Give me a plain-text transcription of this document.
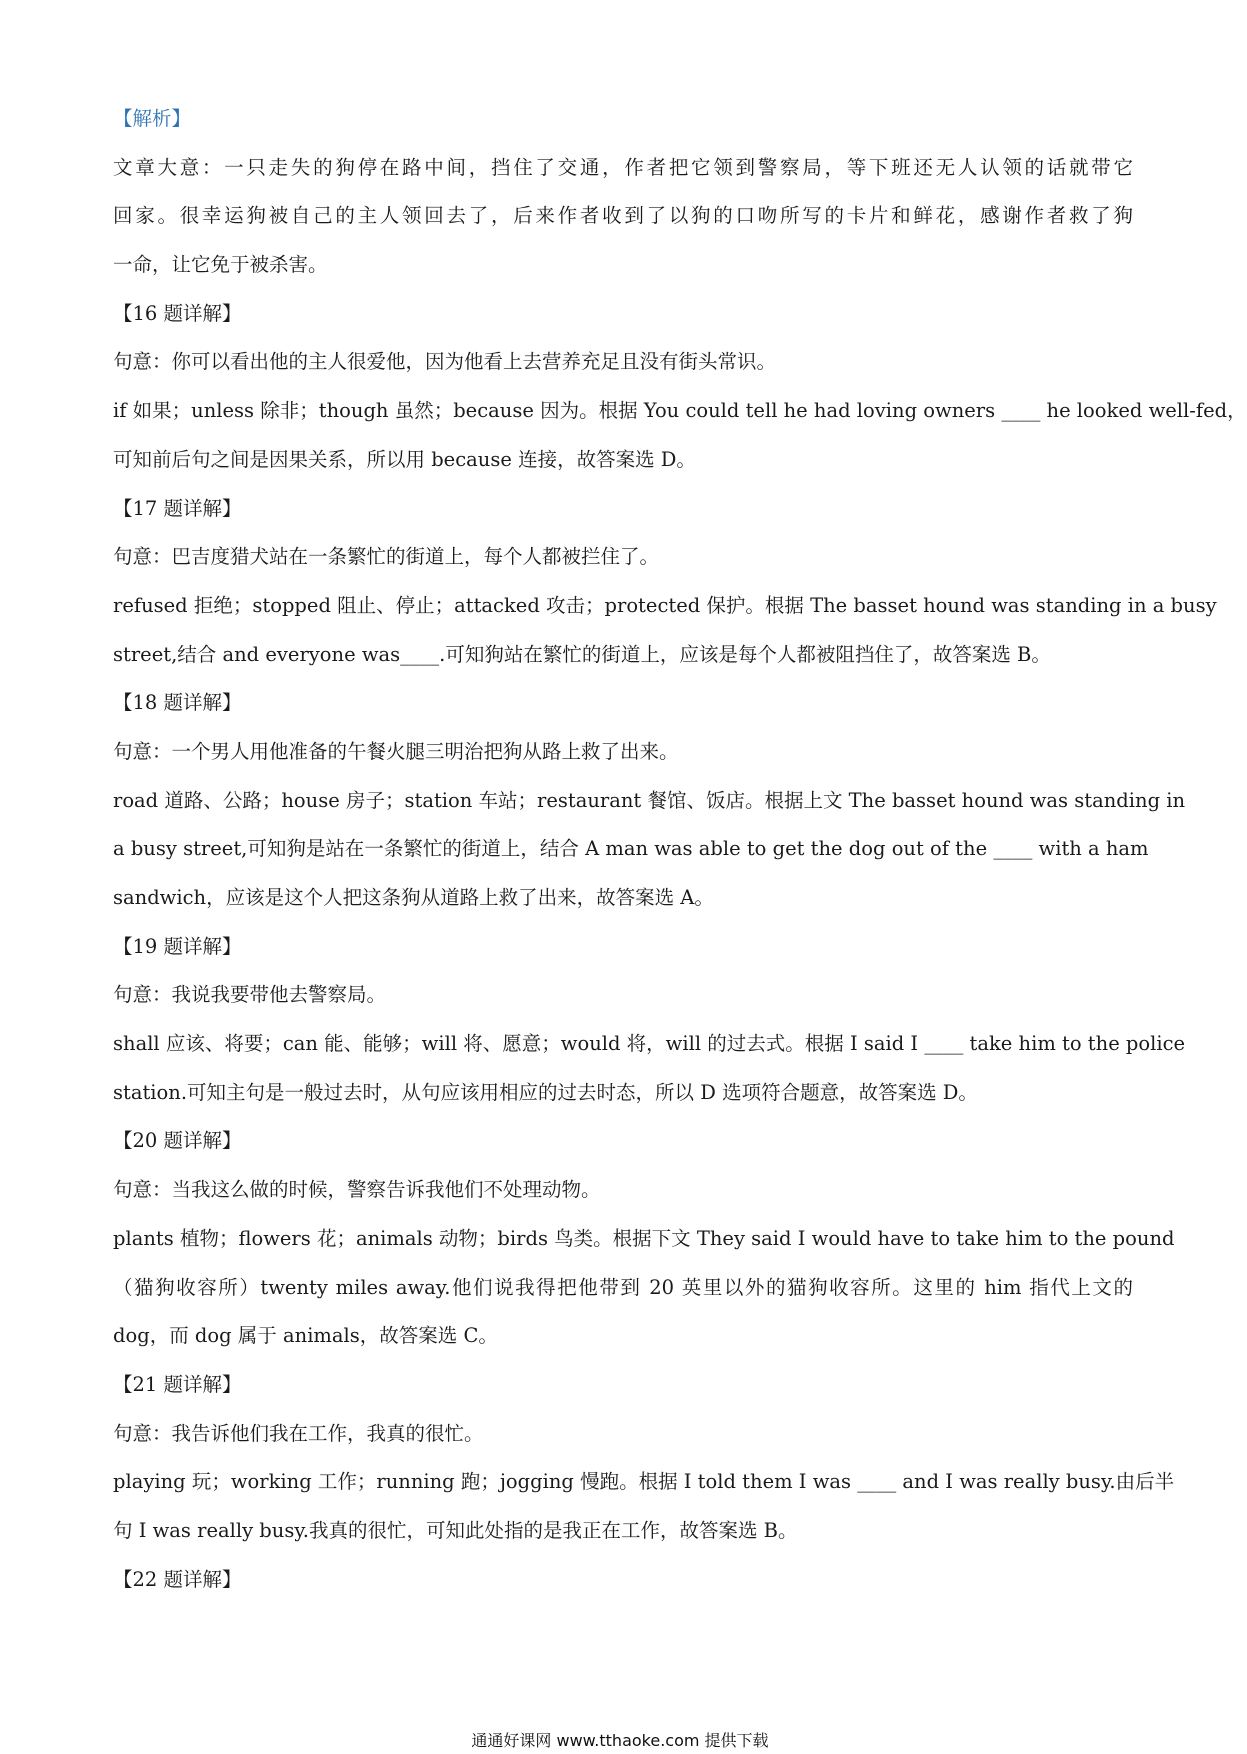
【解析】
文章大意：一只走失的狗停在路中间，挡住了交通，作者把它领到警察局，等下班还无人认领的话就带它
回家。很幸运狗被自己的主人领回去了，后来作者收到了以狗的口吻所写的卡片和鲜花，感谢作者救了狗
一命，让它免于被杀害。
【16 题详解】
句意：你可以看出他的主人很爱他，因为他看上去营养充足且没有街头常识。
if 如果；unless 除非；though 虽然；because 因为。根据 You could tell he had loving owners ____ he looked well-fed，
可知前后句之间是因果关系，所以用 because 连接，故答案选 D。
【17 题详解】
句意：巴吉度猎犬站在一条繁忙的街道上，每个人都被拦住了。
refused 拒绝；stopped 阻止、停止；attacked 攻击；protected 保护。根据 The basset hound was standing in a busy
street,结合 and everyone was____.可知狗站在繁忙的街道上，应该是每个人都被阻挡住了，故答案选 B。
【18 题详解】
句意：一个男人用他准备的午餐火腿三明治把狗从路上救了出来。
road 道路、公路；house 房子；station 车站；restaurant 餐馆、饭店。根据上文 The basset hound was standing in
a busy street,可知狗是站在一条繁忙的街道上，结合 A man was able to get the dog out of the ____ with a ham
sandwich，应该是这个人把这条狗从道路上救了出来，故答案选 A。
【19 题详解】
句意：我说我要带他去警察局。
shall 应该、将要；can 能、能够；will 将、愿意；would 将，will 的过去式。根据 I said I ____ take him to the police
station.可知主句是一般过去时，从句应该用相应的过去时态，所以 D 选项符合题意，故答案选 D。
【20 题详解】
句意：当我这么做的时候，警察告诉我他们不处理动物。
plants 植物；flowers 花；animals 动物；birds 鸟类。根据下文 They said I would have to take him to the pound
（猫狗收容所）twenty miles away.他们说我得把他带到 20 英里以外的猫狗收容所。这里的 him 指代上文的
dog，而 dog 属于 animals，故答案选 C。
【21 题详解】
句意：我告诉他们我在工作，我真的很忙。
playing 玩；working 工作；running 跑；jogging 慢跑。根据 I told them I was ____ and I was really busy.由后半
句 I was really busy.我真的很忙，可知此处指的是我正在工作，故答案选 B。
【22 题详解】
通通好课网 www.tthaoke.com 提供下载
